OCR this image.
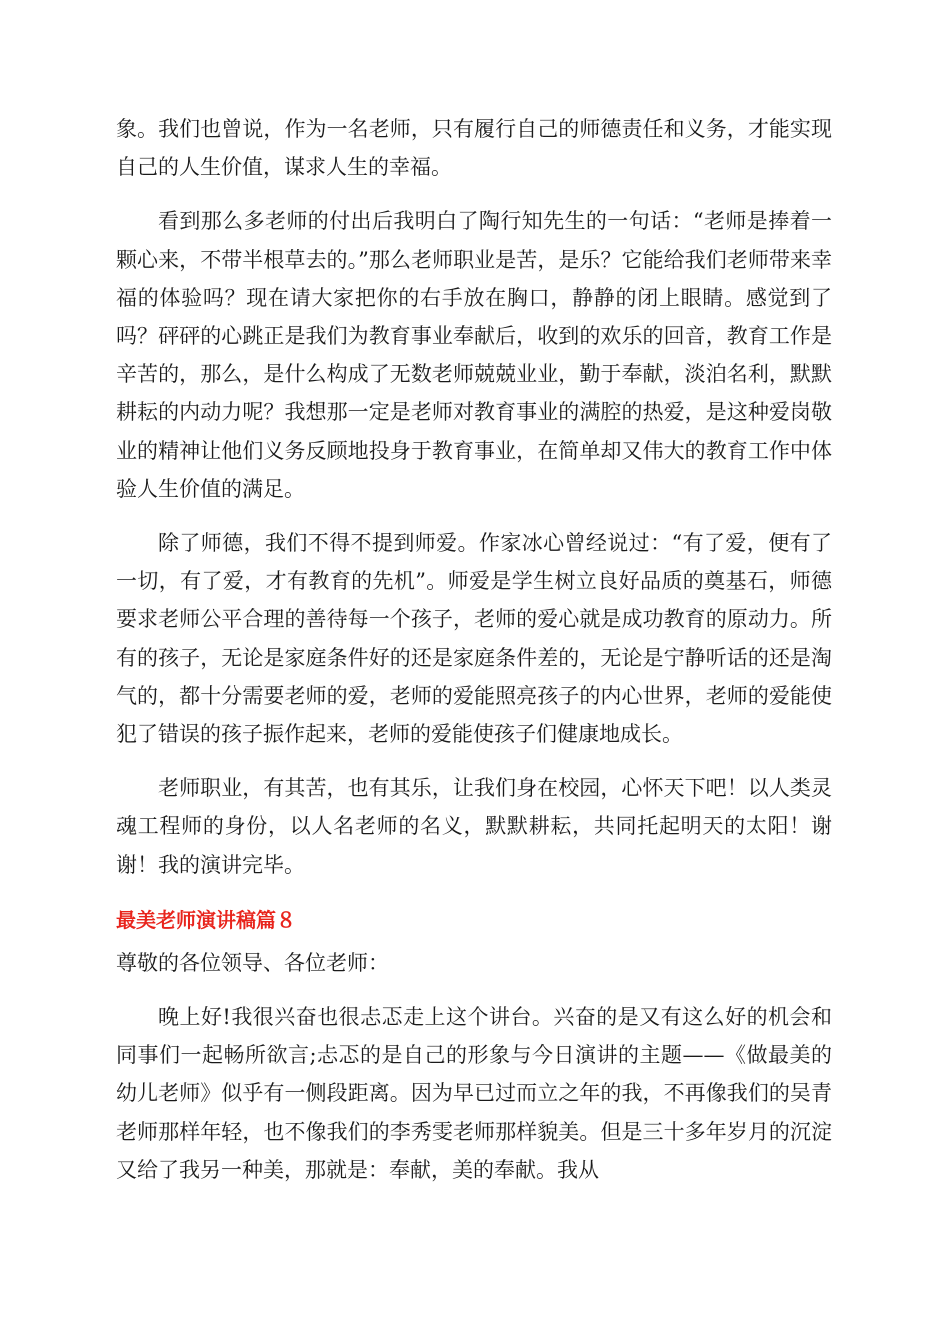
象。我们也曾说，作为一名老师，只有履行自己的师德责任和义务，才能实现自己的人生价值，谋求人生的幸福。

看到那么多老师的付出后我明白了陶行知先生的一句话：“老师是捧着一颗心来，不带半根草去的。”那么老师职业是苦，是乐？它能给我们老师带来幸福的体验吗？现在请大家把你的右手放在胸口，静静的闭上眼睛。感觉到了吗？砰砰的心跳正是我们为教育事业奉献后，收到的欢乐的回音，教育工作是辛苦的，那么，是什么构成了无数老师兢兢业业，勤于奉献，淡泊名利，默默耕耘的内动力呢？我想那一定是老师对教育事业的满腔的热爱，是这种爱岗敬业的精神让他们义务反顾地投身于教育事业，在简单却又伟大的教育工作中体验人生价值的满足。

除了师德，我们不得不提到师爱。作家冰心曾经说过：“有了爱，便有了一切，有了爱，才有教育的先机”。师爱是学生树立良好品质的奠基石，师德要求老师公平合理的善待每一个孩子，老师的爱心就是成功教育的原动力。所有的孩子，无论是家庭条件好的还是家庭条件差的，无论是宁静听话的还是淘气的，都十分需要老师的爱，老师的爱能照亮孩子的内心世界，老师的爱能使犯了错误的孩子振作起来，老师的爱能使孩子们健康地成长。

老师职业，有其苦，也有其乐，让我们身在校园，心怀天下吧！以人类灵魂工程师的身份，以人名老师的名义，默默耕耘，共同托起明天的太阳！谢谢！我的演讲完毕。

最美老师演讲稿篇８

尊敬的各位领导、各位老师：

晚上好!我很兴奋也很忐忑走上这个讲台。兴奋的是又有这么好的机会和同事们一起畅所欲言;忐忑的是自己的形象与今日演讲的主题——《做最美的幼儿老师》似乎有一侧段距离。因为早已过而立之年的我，不再像我们的吴青老师那样年轻，也不像我们的李秀雯老师那样貌美。但是三十多年岁月的沉淀又给了我另一种美，那就是：奉献，美的奉献。我从
